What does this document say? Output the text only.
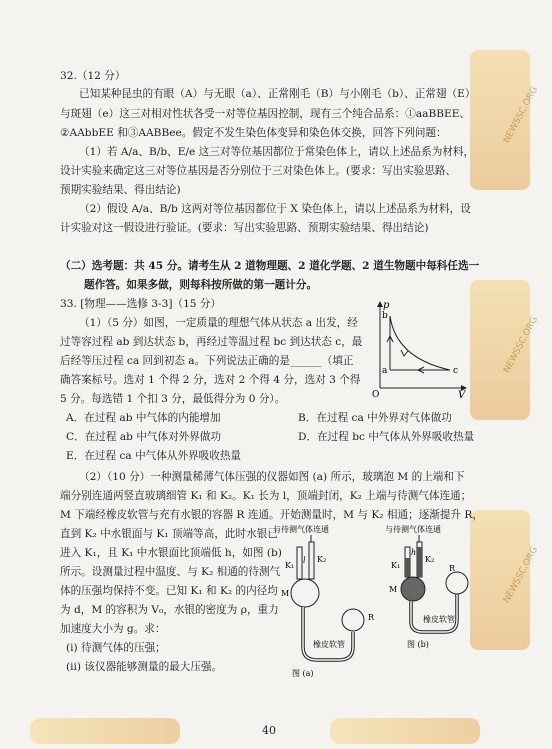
NEWSSC.ORG
NEWSSC.ORG
NEWSSC.ORG
32.（12 分）
已知某种昆虫的有眼（A）与无眼（a）、正常刚毛（B）与小刚毛（b）、正常翅（E）
与斑翅（e）这三对相对性状各受一对等位基因控制，现有三个纯合品系：①aaBBEE、
②AAbbEE 和③AABBee。假定不发生染色体变异和染色体交换，回答下列问题：
（1）若 A/a、B/b、E/e 这三对等位基因都位于常染色体上，请以上述品系为材料，
设计实验来确定这三对等位基因是否分别位于三对染色体上。(要求：写出实验思路、
预期实验结果、得出结论)
（2）假设 A/a、B/b 这两对等位基因都位于 X 染色体上，请以上述品系为材料，设
计实验对这一假设进行验证。(要求：写出实验思路、预期实验结果、得出结论)
（二）选考题：共 45 分。请考生从 2 道物理题、2 道化学题、2 道生物题中每科任选一
题作答。如果多做，则每科按所做的第一题计分。
33. [物理——选修 3-3]（15 分）
（1）（5 分）如图，一定质量的理想气体从状态 a 出发，经
过等容过程 ab 到达状态 b，再经过等温过程 bc 到达状态 c，最
后经等压过程 ca 回到初态 a。下列说法正确的是______（填正
确答案标号。选对 1 个得 2 分，选对 2 个得 4 分，选对 3 个得
5 分。每选错 1 个扣 3 分，最低得分为 0 分）。
A．在过程 ab 中气体的内能增加	B．在过程 ca 中外界对气体做功
C．在过程 ab 中气体对外界做功	D．在过程 bc 中气体从外界吸收热量
E．在过程 ca 中气体从外界吸收热量
（2）（10 分）一种测量稀薄气体压强的仪器如图 (a) 所示，玻璃泡 M 的上端和下
端分别连通两竖直玻璃细管 K₁ 和 K₂。K₁ 长为 l，顶端封闭，K₂ 上端与待测气体连通；
M 下端经橡皮软管与充有水银的容器 R 连通。开始测量时，M 与 K₂ 相通；逐渐提升 R，
直到 K₂ 中水银面与 K₁ 顶端等高，此时水银已
进入 K₁，且 K₁ 中水银面比顶端低 h，如图 (b)
所示。设测量过程中温度、与 K₂ 相通的待测气
体的压强均保持不变。已知 K₁ 和 K₂ 的内径均
为 d，M 的容积为 V₀，水银的密度为 ρ，重力
加速度大小为 g。求：
(i) 待测气体的压强；
(ii) 该仪器能够测量的最大压强。
p
V
O
a
b
c
与待测气体连通
K₁
l K₂
M
R
橡皮软管
图 (a)
与待测气体连通
K₁
h
K₂
M
R
橡皮软管
图 (b)
40
